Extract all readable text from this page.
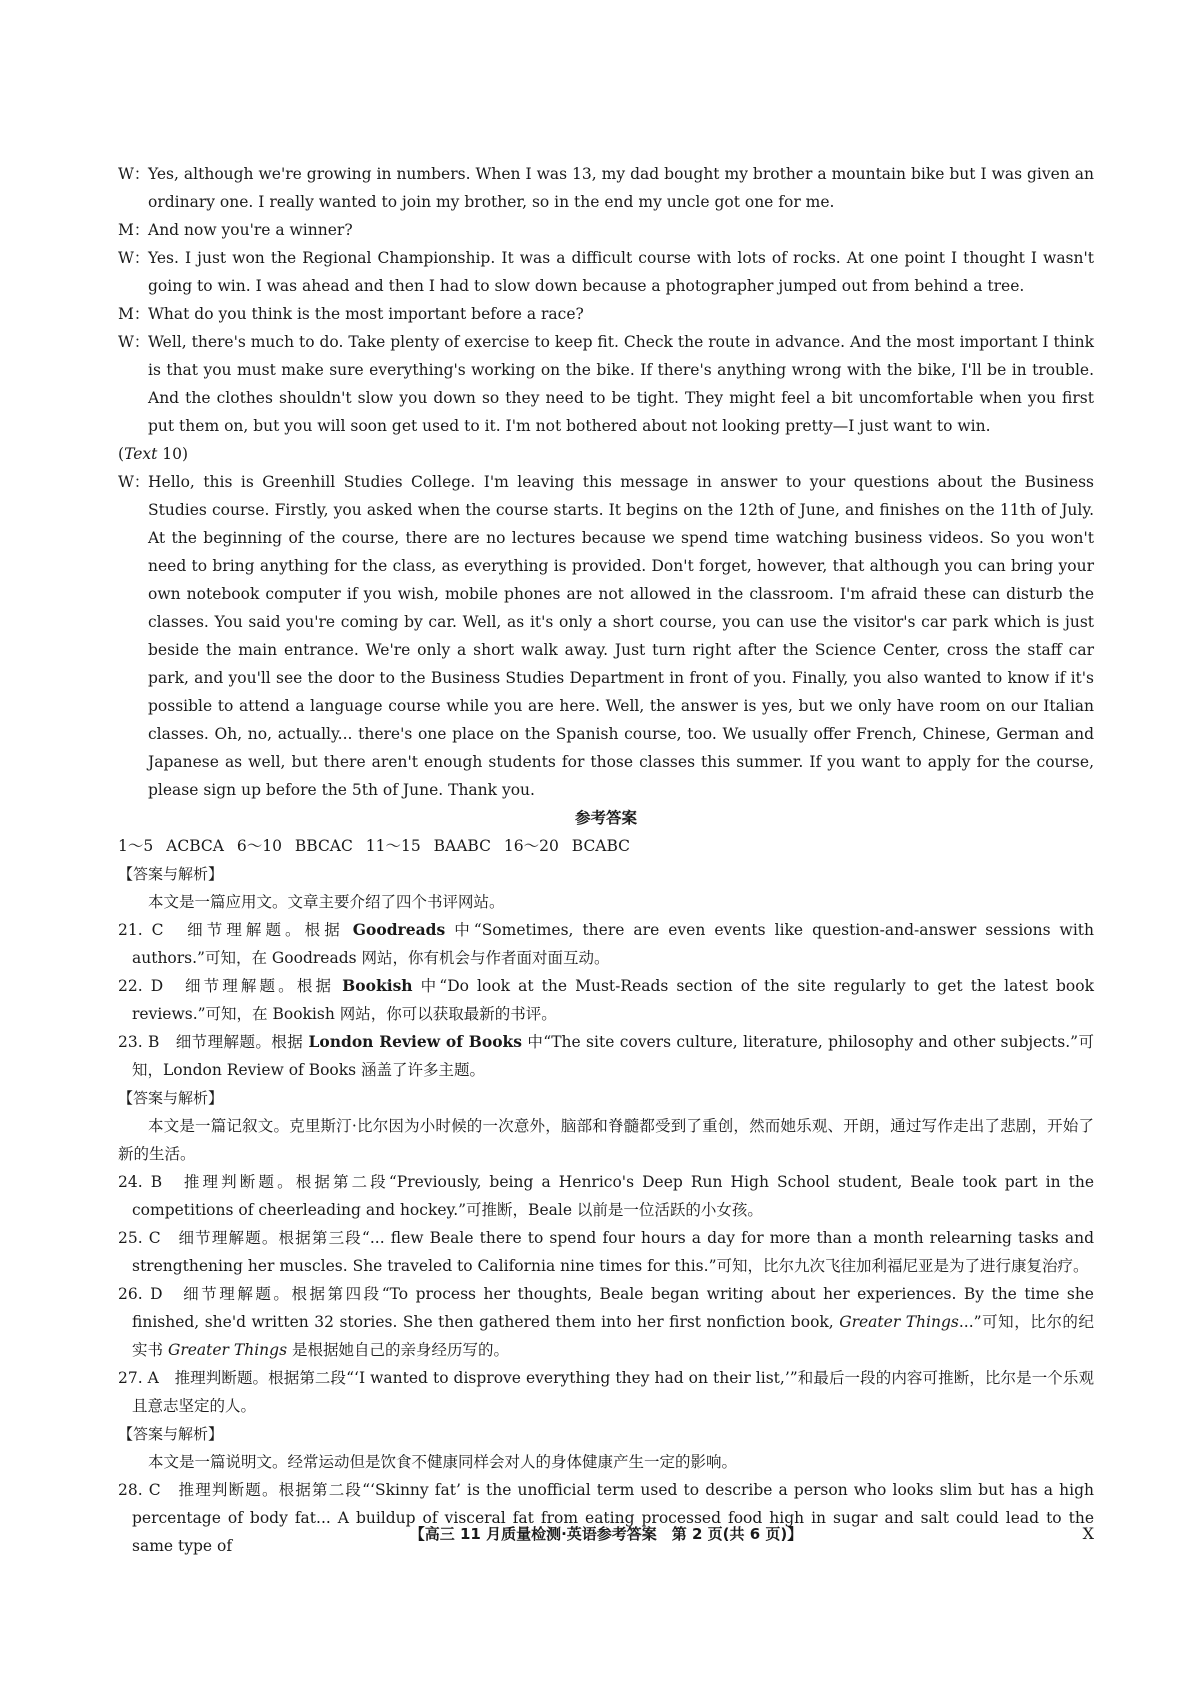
W：
Yes, although we're growing in numbers. When I was 13, my dad bought my brother a mountain bike but I was given an ordinary one. I really wanted to join my brother, so in the end my uncle got one for me.
M：
And now you're a winner?
W：
Yes. I just won the Regional Championship. It was a difficult course with lots of rocks. At one point I thought I wasn't going to win. I was ahead and then I had to slow down because a photographer jumped out from behind a tree.
M：
What do you think is the most important before a race?
W：
Well, there's much to do. Take plenty of exercise to keep fit. Check the route in advance. And the most important I think is that you must make sure everything's working on the bike. If there's anything wrong with the bike, I'll be in trouble. And the clothes shouldn't slow you down so they need to be tight. They might feel a bit uncomfortable when you first put them on, but you will soon get used to it. I'm not bothered about not looking pretty—I just want to win.
(Text 10)
W：
Hello, this is Greenhill Studies College. I'm leaving this message in answer to your questions about the Business Studies course. Firstly, you asked when the course starts. It begins on the 12th of June, and finishes on the 11th of July. At the beginning of the course, there are no lectures because we spend time watching business videos. So you won't need to bring anything for the class, as everything is provided. Don't forget, however, that although you can bring your own notebook computer if you wish, mobile phones are not allowed in the classroom. I'm afraid these can disturb the classes. You said you're coming by car. Well, as it's only a short course, you can use the visitor's car park which is just beside the main entrance. We're only a short walk away. Just turn right after the Science Center, cross the staff car park, and you'll see the door to the Business Studies Department in front of you. Finally, you also wanted to know if it's possible to attend a language course while you are here. Well, the answer is yes, but we only have room on our Italian classes. Oh, no, actually... there's one place on the Spanish course, too. We usually offer French, Chinese, German and Japanese as well, but there aren't enough students for those classes this summer. If you want to apply for the course, please sign up before the 5th of June. Thank you.
参考答案
1～5 ACBCA 6～10 BBCAC 11～15 BAABC 16～20 BCABC
【答案与解析】
本文是一篇应用文。文章主要介绍了四个书评网站。
21. C　 细节理解题。根据 Goodreads 中“Sometimes, there are even events like question-and-answer sessions with authors.”可知，在 Goodreads 网站，你有机会与作者面对面互动。
22. D　 细节理解题。根据 Bookish 中“Do look at the Must-Reads section of the site regularly to get the latest book reviews.”可知，在 Bookish 网站，你可以获取最新的书评。
23. B　 细节理解题。根据 London Review of Books 中“The site covers culture, literature, philosophy and other subjects.”可知，London Review of Books 涵盖了许多主题。
【答案与解析】
本文是一篇记叙文。克里斯汀·比尔因为小时候的一次意外，脑部和脊髓都受到了重创，然而她乐观、开朗，通过写作走出了悲剧，开始了新的生活。
24. B　 推理判断题。根据第二段“Previously, being a Henrico's Deep Run High School student, Beale took part in the competitions of cheerleading and hockey.”可推断，Beale 以前是一位活跃的小女孩。
25. C　 细节理解题。根据第三段“... flew Beale there to spend four hours a day for more than a month relearning tasks and strengthening her muscles. She traveled to California nine times for this.”可知，比尔九次飞往加利福尼亚是为了进行康复治疗。
26. D　 细节理解题。根据第四段“To process her thoughts, Beale began writing about her experiences. By the time she finished, she'd written 32 stories. She then gathered them into her first nonfiction book, Greater Things...”可知，比尔的纪实书 Greater Things 是根据她自己的亲身经历写的。
27. A　 推理判断题。根据第二段“‘I wanted to disprove everything they had on their list,’”和最后一段的内容可推断，比尔是一个乐观且意志坚定的人。
【答案与解析】
本文是一篇说明文。经常运动但是饮食不健康同样会对人的身体健康产生一定的影响。
28. C　 推理判断题。根据第二段“‘Skinny fat’ is the unofficial term used to describe a person who looks slim but has a high percentage of body fat... A buildup of visceral fat from eating processed food high in sugar and salt could lead to the same type of
【高三 11 月质量检测·英语参考答案　第 2 页(共 6 页)】	X
